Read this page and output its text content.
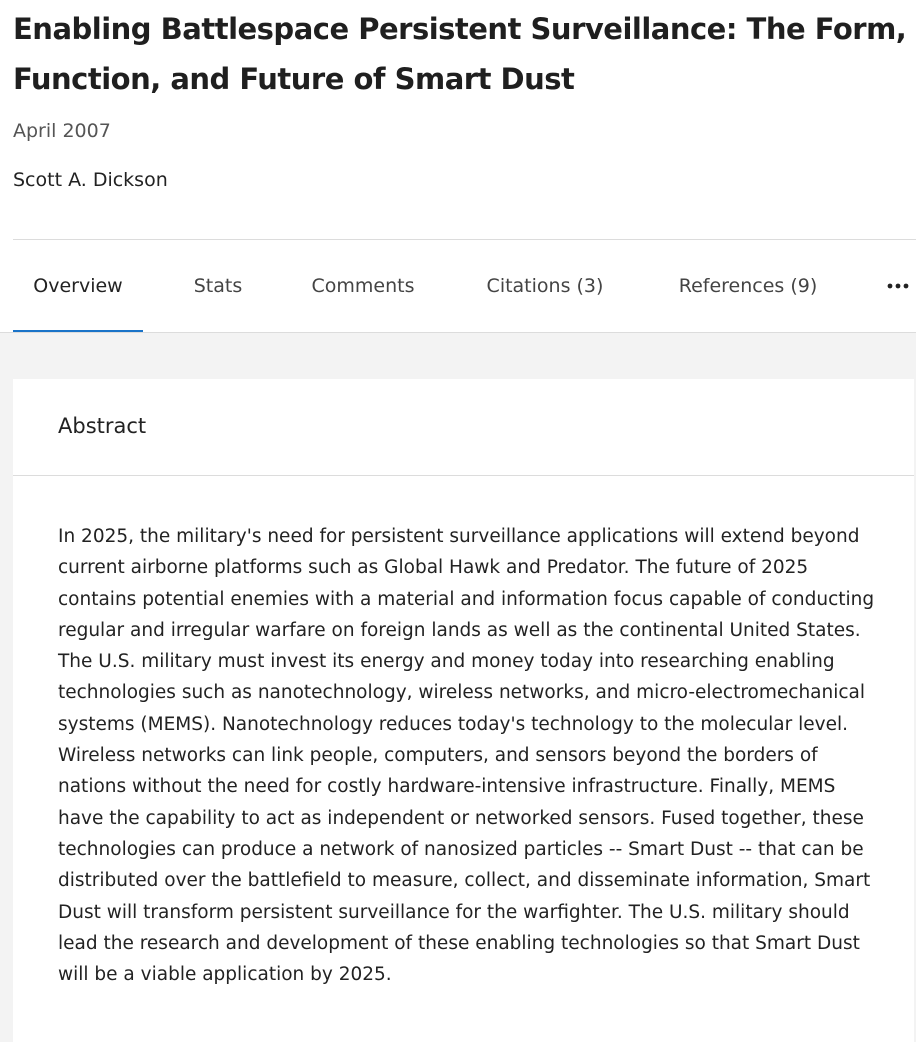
Enabling Battlespace Persistent Surveillance: The Form, Function, and Future of Smart Dust
April 2007
Scott A. Dickson
Overview	Stats	Comments	Citations (3)	References (9)
Abstract

In 2025, the military's need for persistent surveillance applications will extend beyond current airborne platforms such as Global Hawk and Predator. The future of 2025 contains potential enemies with a material and information focus capable of conducting regular and irregular warfare on foreign lands as well as the continental United States. The U.S. military must invest its energy and money today into researching enabling technologies such as nanotechnology, wireless networks, and micro-electromechanical systems (MEMS). Nanotechnology reduces today's technology to the molecular level. Wireless networks can link people, computers, and sensors beyond the borders of nations without the need for costly hardware-intensive infrastructure. Finally, MEMS have the capability to act as independent or networked sensors. Fused together, these technologies can produce a network of nanosized particles -- Smart Dust -- that can be distributed over the battlefield to measure, collect, and disseminate information, Smart Dust will transform persistent surveillance for the warfighter. The U.S. military should lead the research and development of these enabling technologies so that Smart Dust will be a viable application by 2025.
